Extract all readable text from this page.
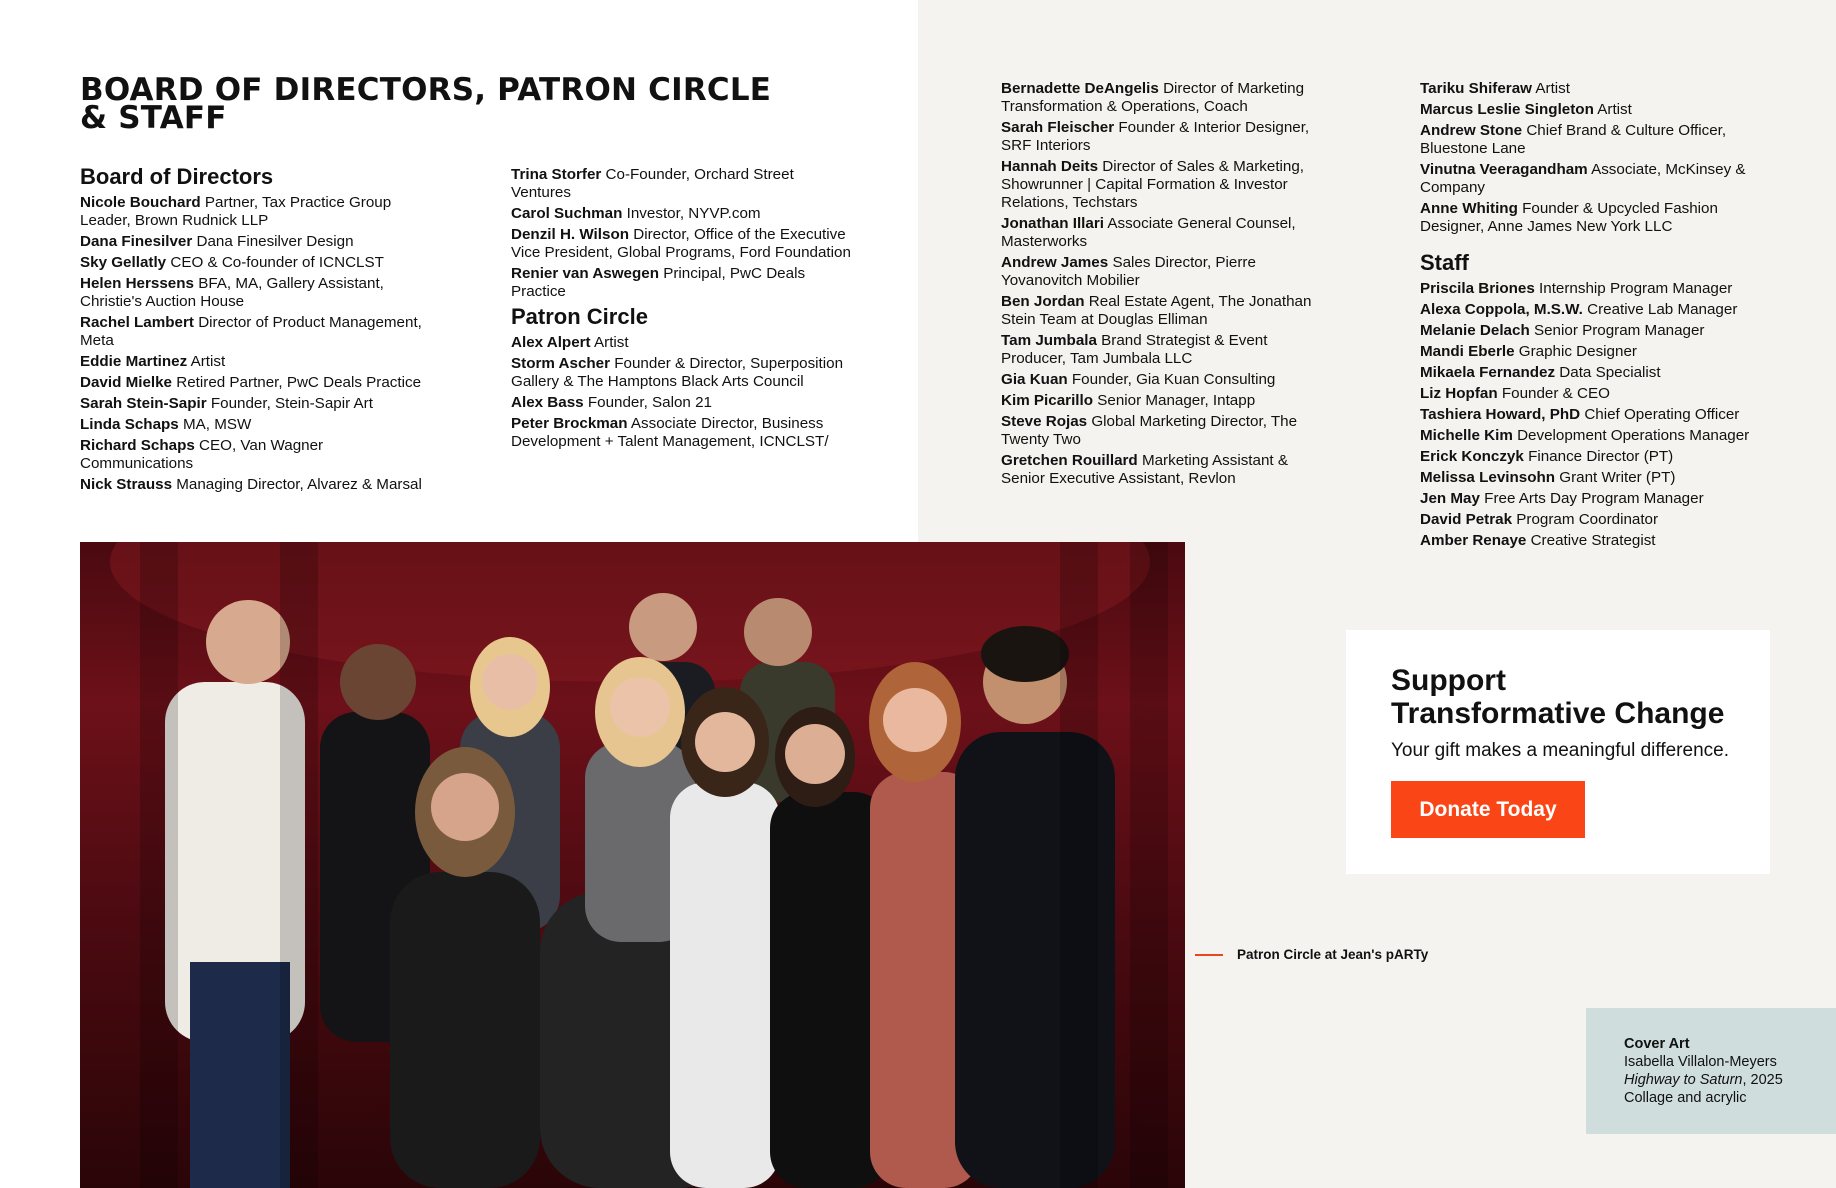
BOARD OF DIRECTORS, PATRON CIRCLE & STAFF
Board of Directors
Nicole Bouchard Partner, Tax Practice Group Leader, Brown Rudnick LLP
Dana Finesilver Dana Finesilver Design
Sky Gellatly CEO & Co-founder of ICNCLST
Helen Herssens BFA, MA, Gallery Assistant, Christie's Auction House
Rachel Lambert Director of Product Management, Meta
Eddie Martinez Artist
David Mielke Retired Partner, PwC Deals Practice
Sarah Stein-Sapir Founder, Stein-Sapir Art
Linda Schaps MA, MSW
Richard Schaps CEO, Van Wagner Communications
Nick Strauss Managing Director, Alvarez & Marsal
Trina Storfer Co-Founder, Orchard Street Ventures
Carol Suchman Investor, NYVP.com
Denzil H. Wilson Director, Office of the Executive Vice President, Global Programs, Ford Foundation
Renier van Aswegen Principal, PwC Deals Practice
Patron Circle
Alex Alpert Artist
Storm Ascher Founder & Director, Superposition Gallery & The Hamptons Black Arts Council
Alex Bass Founder, Salon 21
Peter Brockman Associate Director, Business Development + Talent Management, ICNCLST/
Bernadette DeAngelis Director of Marketing Transformation & Operations, Coach
Sarah Fleischer Founder & Interior Designer, SRF Interiors
Hannah Deits Director of Sales & Marketing, Showrunner | Capital Formation & Investor Relations, Techstars
Jonathan Illari Associate General Counsel, Masterworks
Andrew James Sales Director, Pierre Yovanovitch Mobilier
Ben Jordan Real Estate Agent, The Jonathan Stein Team at Douglas Elliman
Tam Jumbala Brand Strategist & Event Producer, Tam Jumbala LLC
Gia Kuan Founder, Gia Kuan Consulting
Kim Picarillo Senior Manager, Intapp
Steve Rojas Global Marketing Director, The Twenty Two
Gretchen Rouillard Marketing Assistant & Senior Executive Assistant, Revlon
Tariku Shiferaw Artist
Marcus Leslie Singleton Artist
Andrew Stone Chief Brand & Culture Officer, Bluestone Lane
Vinutna Veeragandham Associate, McKinsey & Company
Anne Whiting Founder & Upcycled Fashion Designer, Anne James New York LLC
Staff
Priscila Briones Internship Program Manager
Alexa Coppola, M.S.W. Creative Lab Manager
Melanie Delach Senior Program Manager
Mandi Eberle Graphic Designer
Mikaela Fernandez Data Specialist
Liz Hopfan Founder & CEO
Tashiera Howard, PhD Chief Operating Officer
Michelle Kim Development Operations Manager
Erick Konczyk Finance Director (PT)
Melissa Levinsohn Grant Writer (PT)
Jen May Free Arts Day Program Manager
David Petrak Program Coordinator
Amber Renaye Creative Strategist
Patron Circle at Jean's pARTy
Support
Transformative Change
Your gift makes a meaningful difference.
Donate Today
Cover Art
Isabella Villalon-Meyers
Highway to Saturn, 2025
Collage and acrylic
